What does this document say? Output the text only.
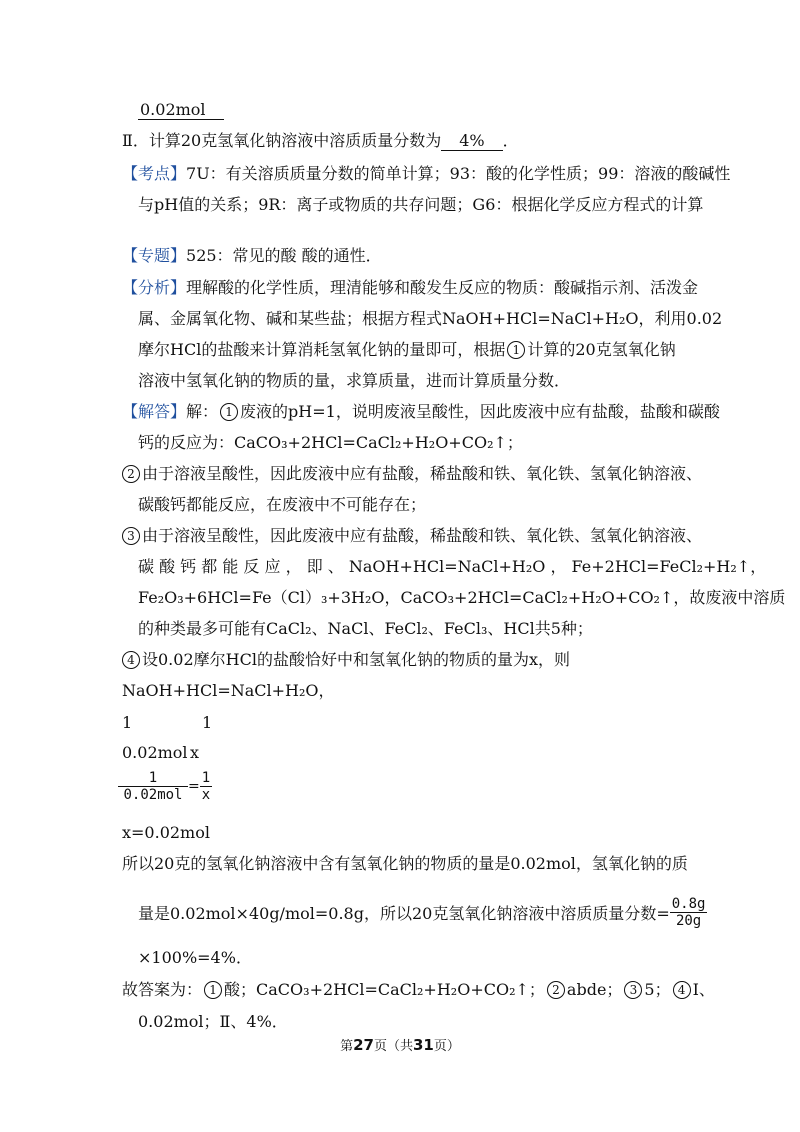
0.02mol
Ⅱ．计算20克氢氧化钠溶液中溶质质量分数为 4% ．
【考点】7U：有关溶质质量分数的简单计算；93：酸的化学性质；99：溶液的酸碱性
与pH值的关系；9R：离子或物质的共存问题；G6：根据化学反应方程式的计算
【专题】525：常见的酸 酸的通性．
【分析】理解酸的化学性质，理清能够和酸发生反应的物质：酸碱指示剂、活泼金
属、金属氧化物、碱和某些盐；根据方程式NaOH+HCl=NaCl+H₂O，利用0.02
摩尔HCl的盐酸来计算消耗氢氧化钠的量即可，根据 1 计算的20克氢氧化钠
溶液中氢氧化钠的物质的量，求算质量，进而计算质量分数．
【解答】解： 1 废液的pH=1，说明废液呈酸性，因此废液中应有盐酸，盐酸和碳酸
钙的反应为：CaCO₃+2HCl=CaCl₂+H₂O+CO₂↑；
2 由于溶液呈酸性，因此废液中应有盐酸，稀盐酸和铁、氧化铁、氢氧化钠溶液、
碳酸钙都能反应，在废液中不可能存在；
3 由于溶液呈酸性，因此废液中应有盐酸，稀盐酸和铁、氧化铁、氢氧化钠溶液、
碳 酸 钙 都 能 反 应 ， 即 、 NaOH+HCl=NaCl+H₂O ， Fe+2HCl=FeCl₂+H₂↑，
Fe₂O₃+6HCl=Fe（Cl）₃+3H₂O，CaCO₃+2HCl=CaCl₂+H₂O+CO₂↑，故废液中溶质
的种类最多可能有CaCl₂、NaCl、FeCl₂、FeCl₃、HCl共5种；
4 设0.02摩尔HCl的盐酸恰好中和氢氧化钠的物质的量为x，则
NaOH+HCl=NaCl+H₂O，
1	1
0.02mol x
$\frac{1}{\text{0.02mol}} = \frac{1}{x}$
x=0.02mol
所以20克的氢氧化钠溶液中含有氢氧化钠的物质的量是0.02mol，氢氧化钠的质
量是0.02mol×40g/mol=0.8g，所以20克氢氧化钠溶液中溶质质量分数= $\frac{0.8g}{20g}$
×100%=4%．
故答案为： 1 酸；CaCO₃+2HCl=CaCl₂+H₂O+CO₂↑； 2 abde； 3 5； 4 Ⅰ、
0.02mol；Ⅱ、4%．
第27页（共31页）
